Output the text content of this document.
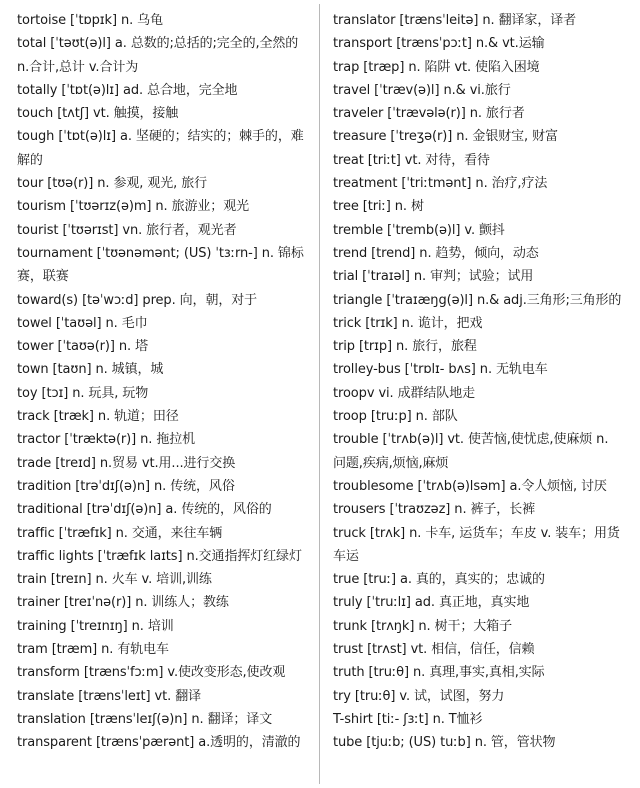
tortoise [ˈtɒpɪk] n. 乌龟
total [ˈtəʊt(ə)l] a. 总数的;总括的;完全的,全然的 n.合计,总计 v.合计为
totally [ˈtɒt(ə)lɪ] ad. 总合地，完全地
touch [tʌtʃ] vt. 触摸，接触
tough [ˈtɒt(ə)lɪ] a. 坚硬的；结实的；棘手的，难解的
tour [tʊə(r)] n. 参观, 观光, 旅行
tourism [ˈtʊərɪz(ə)m] n. 旅游业；观光
tourist [ˈtʊərɪst] vn. 旅行者，观光者
tournament [ˈtʊənəmənt; (US) ˈtɜːrn-] n. 锦标赛，联赛
toward(s) [təˈwɔːd] prep. 向，朝，对于
towel [ˈtaʊəl] n. 毛巾
tower [ˈtaʊə(r)] n. 塔
town [taʊn] n. 城镇，城
toy [tɔɪ] n. 玩具, 玩物
track [træk] n. 轨道；田径
tractor [ˈtræktə(r)] n. 拖拉机
trade [treɪd] n.贸易 vt.用...进行交换
tradition [trəˈdɪʃ(ə)n] n. 传统，风俗
traditional [trəˈdɪʃ(ə)n] a. 传统的，风俗的
traffic [ˈtræfɪk] n. 交通，来往车辆
traffic lights [ˈtræfɪk laɪts] n.交通指挥灯红绿灯
train [treɪn] n. 火车 v. 培训,训练
trainer [treɪˈnə(r)] n. 训练人；教练
training [ˈtreɪnɪŋ] n. 培训
tram [træm] n. 有轨电车
transform [trænsˈfɔːm] v.使改变形态,使改观
translate [trænsˈleɪt] vt. 翻译
translation [trænsˈleɪʃ(ə)n] n. 翻译；译文
transparent [trænsˈpærənt] a.透明的，清澈的
translator [trænsˈleitə] n. 翻译家，译者
transport [trænsˈpɔːt] n.& vt.运输
trap [træp] n. 陷阱 vt. 使陷入困境
travel [ˈtræv(ə)l] n.& vi.旅行
traveler [ˈtrævələ(r)] n. 旅行者
treasure [ˈtreʒə(r)] n. 金银财宝, 财富
treat [triːt] vt. 对待，看待
treatment [ˈtriːtmənt] n. 治疗,疗法
tree [triː] n. 树
tremble [ˈtremb(ə)l] v. 颤抖
trend [trend] n. 趋势，倾向，动态
trial [ˈtraɪəl] n. 审判；试验；试用
triangle [ˈtraɪæŋg(ə)l] n.& adj.三角形;三角形的
trick [trɪk] n. 诡计，把戏
trip [trɪp] n. 旅行，旅程
trolley-bus [ˈtrɒlɪ- bʌs] n. 无轨电车
troopv vi. 成群结队地走
troop [truːp] n. 部队
trouble [ˈtrʌb(ə)l] vt. 使苦恼,使忧虑,使麻烦 n. 问题,疾病,烦恼,麻烦
troublesome [ˈtrʌb(ə)lsəm] a.令人烦恼, 讨厌
trousers [ˈtraʊzəz] n. 裤子，长裤
truck [trʌk] n. 卡车, 运货车；车皮 v. 装车；用货车运
true [truː] a. 真的，真实的；忠诚的
truly [ˈtruːlɪ] ad. 真正地，真实地
trunk [trʌŋk] n. 树干；大箱子
trust [trʌst] vt. 相信，信任，信赖
truth [truːθ] n. 真理,事实,真相,实际
try [truːθ] v. 试，试图，努力
T-shirt [tiː- ʃɜːt] n. T恤衫
tube [tjuːb; (US) tuːb] n. 管，管状物
